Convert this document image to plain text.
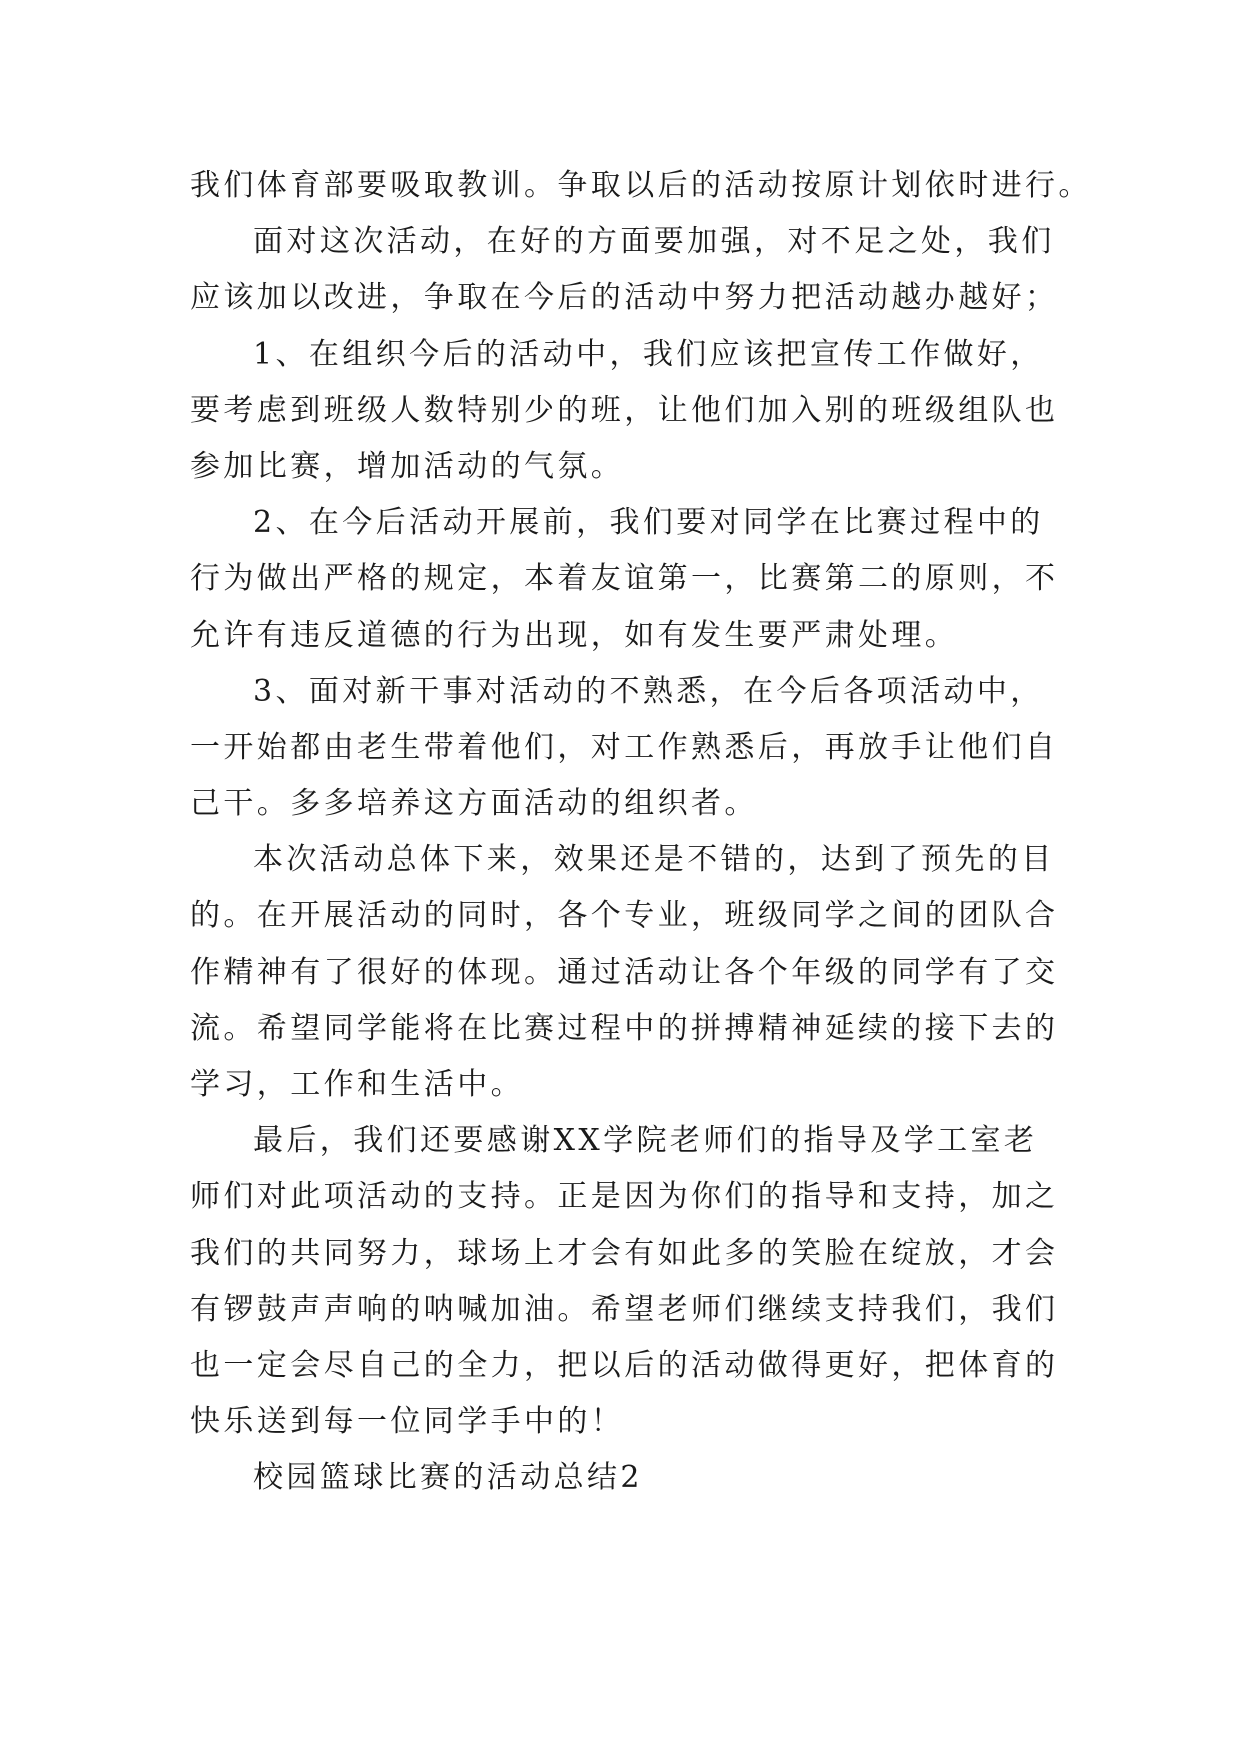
我们体育部要吸取教训。争取以后的活动按原计划依时进行。
面对这次活动，在好的方面要加强，对不足之处，我们
应该加以改进，争取在今后的活动中努力把活动越办越好；
1、在组织今后的活动中，我们应该把宣传工作做好，
要考虑到班级人数特别少的班，让他们加入别的班级组队也
参加比赛，增加活动的气氛。
2、在今后活动开展前，我们要对同学在比赛过程中的
行为做出严格的规定，本着友谊第一，比赛第二的原则，不
允许有违反道德的行为出现，如有发生要严肃处理。
3、面对新干事对活动的不熟悉，在今后各项活动中，
一开始都由老生带着他们，对工作熟悉后，再放手让他们自
己干。多多培养这方面活动的组织者。
本次活动总体下来，效果还是不错的，达到了预先的目
的。在开展活动的同时，各个专业，班级同学之间的团队合
作精神有了很好的体现。通过活动让各个年级的同学有了交
流。希望同学能将在比赛过程中的拼搏精神延续的接下去的
学习，工作和生活中。
最后，我们还要感谢XX学院老师们的指导及学工室老
师们对此项活动的支持。正是因为你们的指导和支持，加之
我们的共同努力，球场上才会有如此多的笑脸在绽放，才会
有锣鼓声声响的呐喊加油。希望老师们继续支持我们，我们
也一定会尽自己的全力，把以后的活动做得更好，把体育的
快乐送到每一位同学手中的！
校园篮球比赛的活动总结2
